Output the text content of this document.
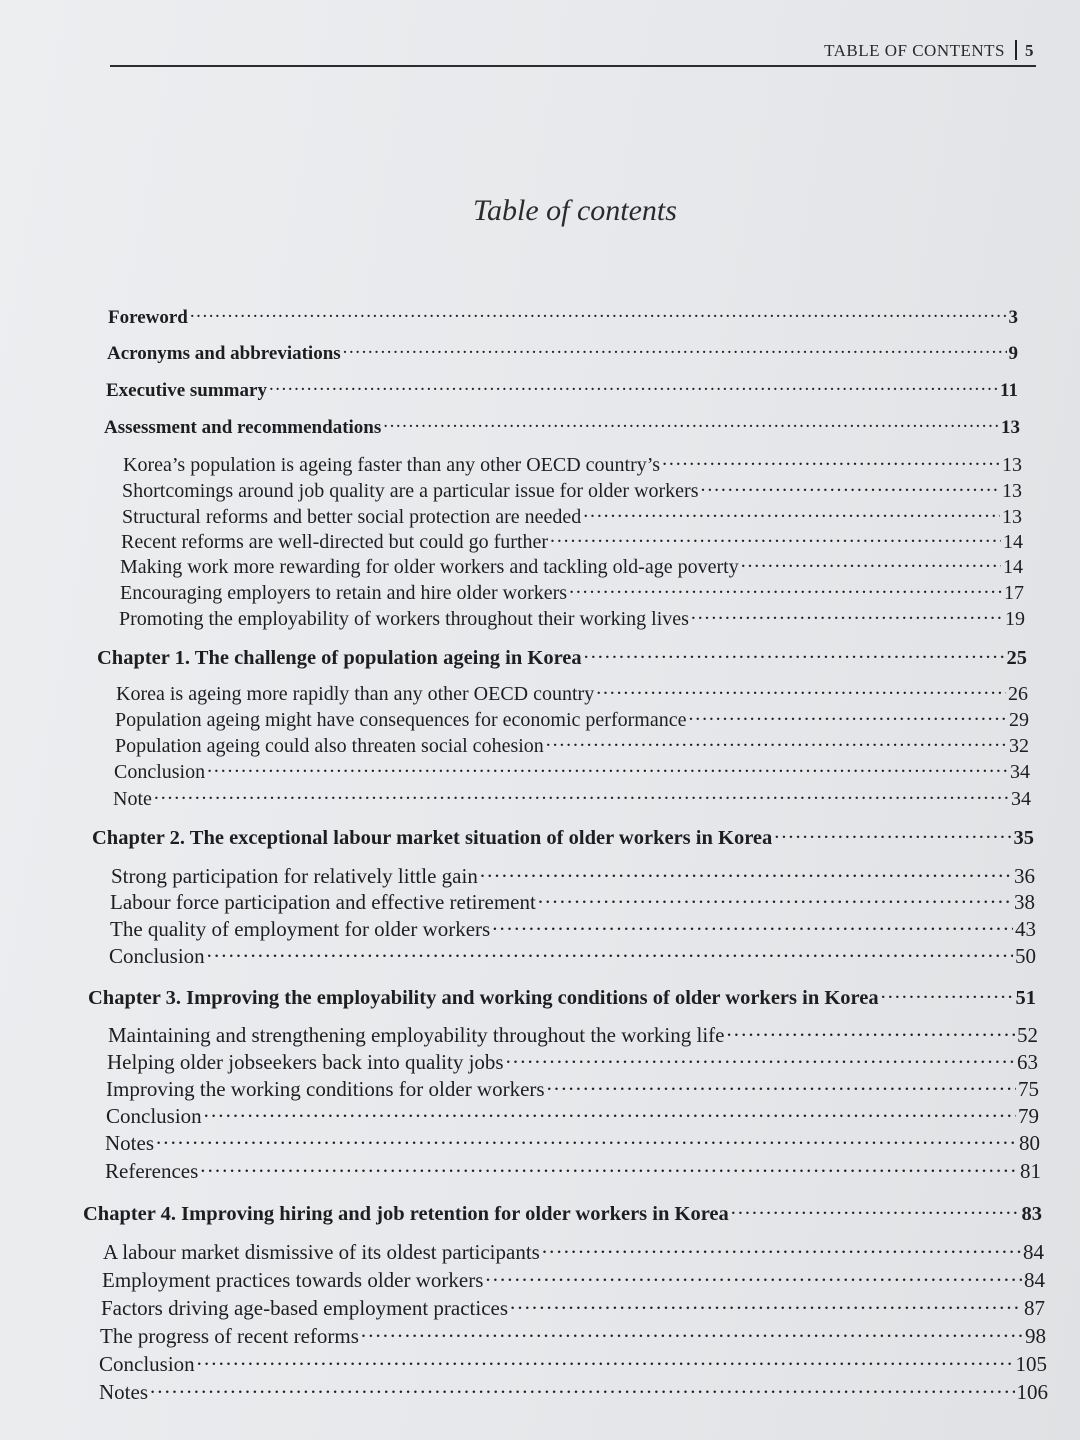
TABLE OF CONTENTS 5
Table of contents
Foreword . . .	3
Acronyms and abbreviations . . .	9
Executive summary . . .	11
Assessment and recommendations . . .	13
Korea’s population is ageing faster than any other OECD country’s . . .	13
Shortcomings around job quality are a particular issue for older workers . . .	13
Structural reforms and better social protection are needed . . .	13
Recent reforms are well-directed but could go further . . .	14
Making work more rewarding for older workers and tackling old-age poverty . . .	14
Encouraging employers to retain and hire older workers . . .	17
Promoting the employability of workers throughout their working lives . . .	19
Chapter 1. The challenge of population ageing in Korea . . .	25
Korea is ageing more rapidly than any other OECD country . . .	26
Population ageing might have consequences for economic performance . . .	29
Population ageing could also threaten social cohesion . . .	32
Conclusion . . .	34
Note . . .	34
Chapter 2. The exceptional labour market situation of older workers in Korea . . .	35
Strong participation for relatively little gain . . .	36
Labour force participation and effective retirement . . .	38
The quality of employment for older workers . . .	43
Conclusion . . .	50
Chapter 3. Improving the employability and working conditions of older workers in Korea . . .	51
Maintaining and strengthening employability throughout the working life . . .	52
Helping older jobseekers back into quality jobs . . .	63
Improving the working conditions for older workers . . .	75
Conclusion . . .	79
Notes . . .	80
References . . .	81
Chapter 4. Improving hiring and job retention for older workers in Korea . . .	83
A labour market dismissive of its oldest participants . . .	84
Employment practices towards older workers . . .	84
Factors driving age-based employment practices . . .	87
The progress of recent reforms . . .	98
Conclusion . . .	105
Notes . . .	106
